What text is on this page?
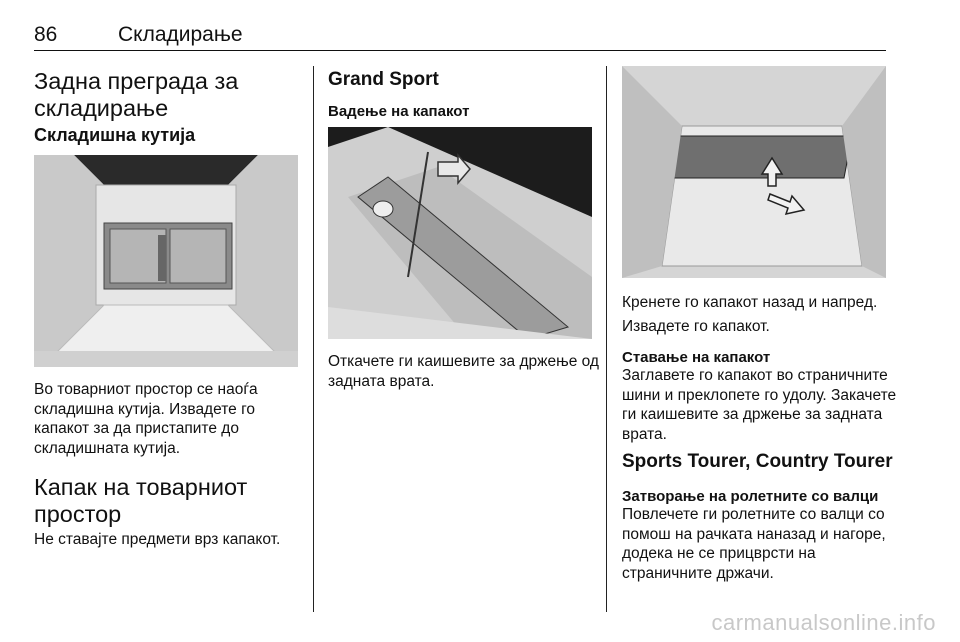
86	Складирање
Задна преграда за складирање
Складишна кутија

Во товарниот простор се наоѓа складишна кутија. Извадете го капакот за да пристапите до складишната кутија.

Капак на товарниот простор

Не ставајте предмети врз капакот.

Grand Sport
Вадење на капакот

Откачете ги каишевите за држење од задната врата.

Кренете го капакот назад и напред.

Извадете го капакот.

Ставање на капакот

Заглавете го капакот во страничните шини и преклопете го удолу. Закачете ги каишевите за држење за задната врата.

Sports Tourer, Country Tourer
Затворање на ролетните со валци

Повлечете ги ролетните со валци со помош на рачката наназад и нагоре, додека не се прицврсти на страничните држачи.

carmanualsonline.info
